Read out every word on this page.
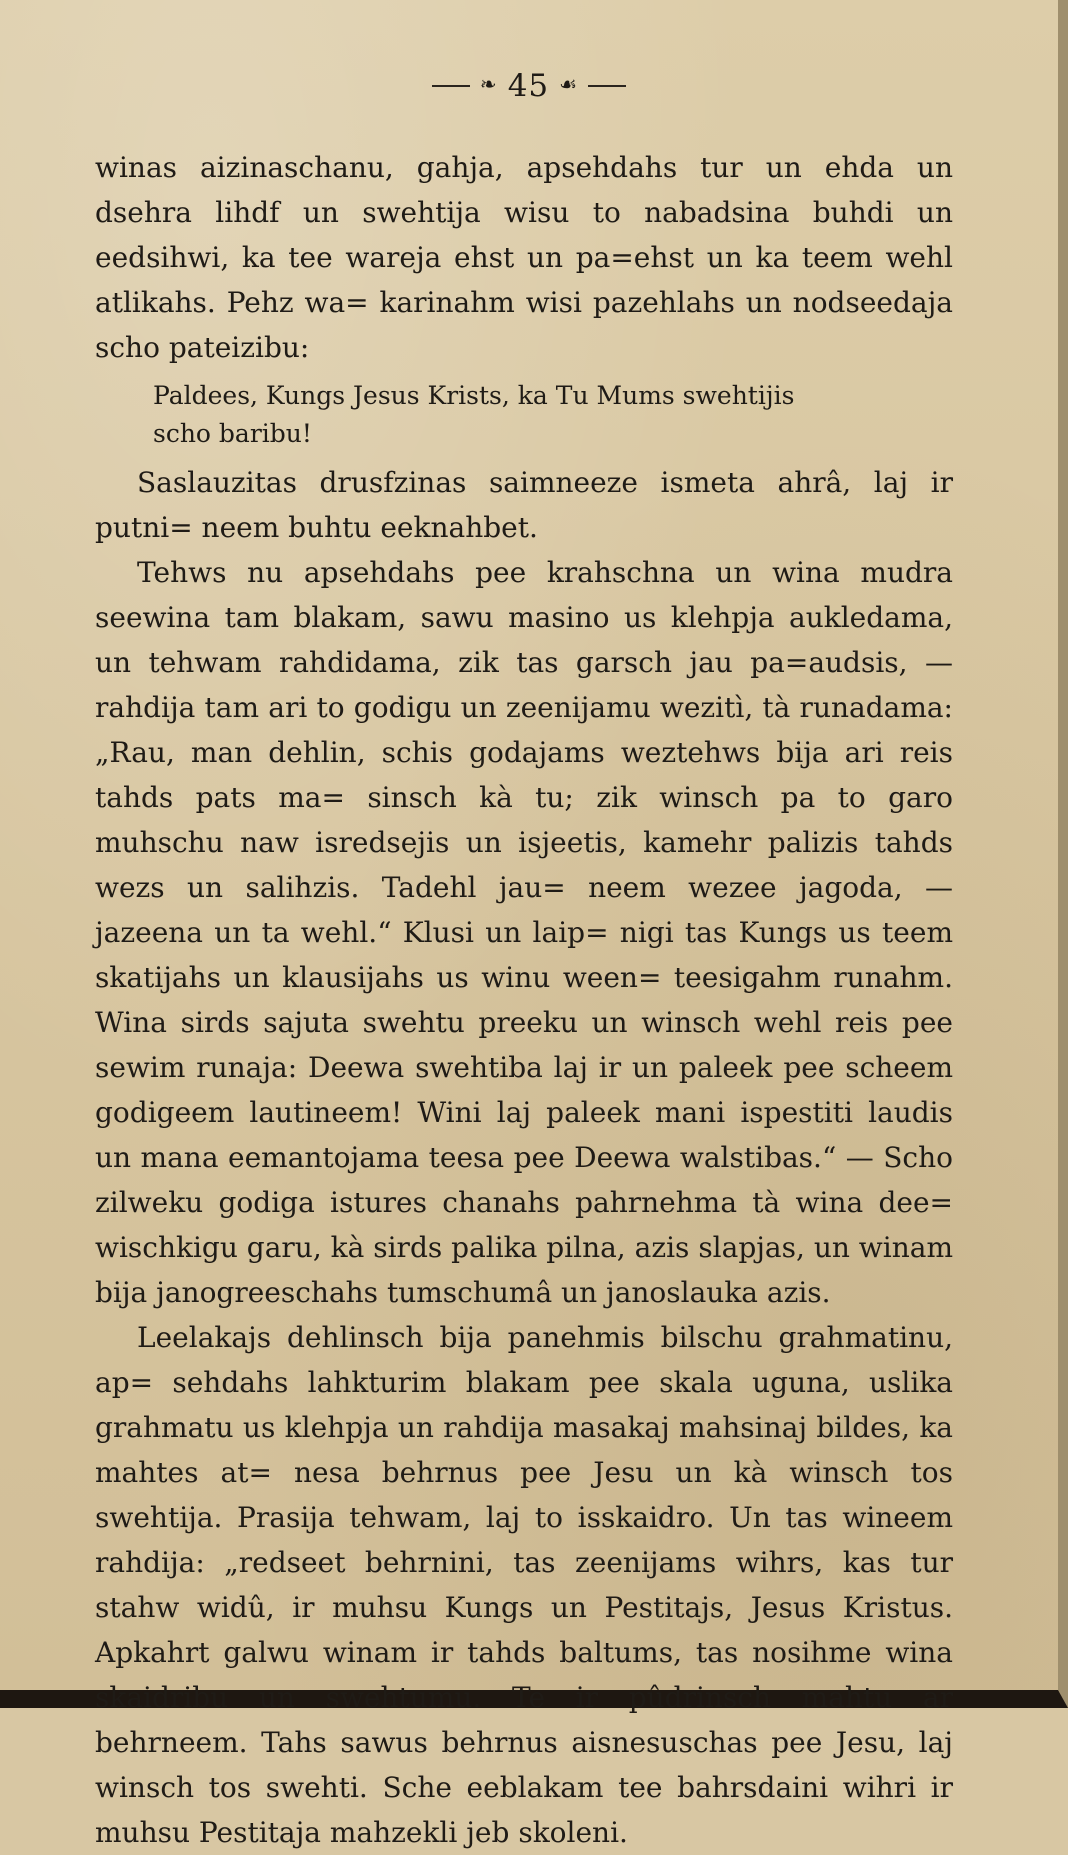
❧ 45 ☙

winas aizinaschanu, gahja, apsehdahs tur un ehda un dsehra lihdf un swehtija wisu to nabadsina buhdi un eedsihwi, ka tee wareja ehst un pa=ehst un ka teem wehl atlikahs. Pehz wa= karinahm wisi pazehlahs un nodseedaja scho pateizibu:

Paldees, Kungs Jesus Krists, ka Tu Mums swehtijis scho baribu!

Saslauzitas drusfzinas saimneeze ismeta ahrâ, laj ir putni= neem buhtu eeknahbet.

Tehws nu apsehdahs pee krahschna un wina mudra seewina tam blakam, sawu masino us klehpja aukledama, un tehwam rahdidama, zik tas garsch jau pa=audsis, — rahdija tam ari to godigu un zeenijamu wezitì, tà runadama: „Rau, man dehlin, schis godajams weztehws bija ari reis tahds pats ma= sinsch kà tu; zik winsch pa to garo muhschu naw isredsejis un isjeetis, kamehr palizis tahds wezs un salihzis. Tadehl jau= neem wezee jagoda, — jazeena un ta wehl.“ Klusi un laip= nigi tas Kungs us teem skatijahs un klausijahs us winu ween= teesigahm runahm. Wina sirds sajuta swehtu preeku un winsch wehl reis pee sewim runaja: Deewa swehtiba laj ir un paleek pee scheem godigeem lautineem! Wini laj paleek mani ispestiti laudis un mana eemantojama teesa pee Deewa walstibas.“ — Scho zilweku godiga istures chanahs pahrnehma tà wina dee= wischkigu garu, kà sirds palika pilna, azis slapjas, un winam bija janogreeschahs tumschumâ un janoslauka azis.

Leelakajs dehlinsch bija panehmis bilschu grahmatinu, ap= sehdahs lahkturim blakam pee skala uguna, uslika grahmatu us klehpja un rahdija masakaj mahsinaj bildes, ka mahtes at= nesa behrnus pee Jesu un kà winsch tos swehtija. Prasija tehwam, laj to isskaidro. Un tas wineem rahdija: „redseet behrnini, tas zeenijams wihrs, kas tur stahw widû, ir muhsu Kungs un Pestitajs, Jesus Kristus. Apkahrt galwu winam ir tahds baltums, tas nosihme wina skaidribu un swehtumu. Te ir pûdrinsch mahtu ar behrneem. Tahs sawus behrnus aisnesuschas pee Jesu, laj winsch tos swehti. Sche eeblakam tee bahrsdaini wihri ir muhsu Pestitaja mahzekli jeb skoleni.
